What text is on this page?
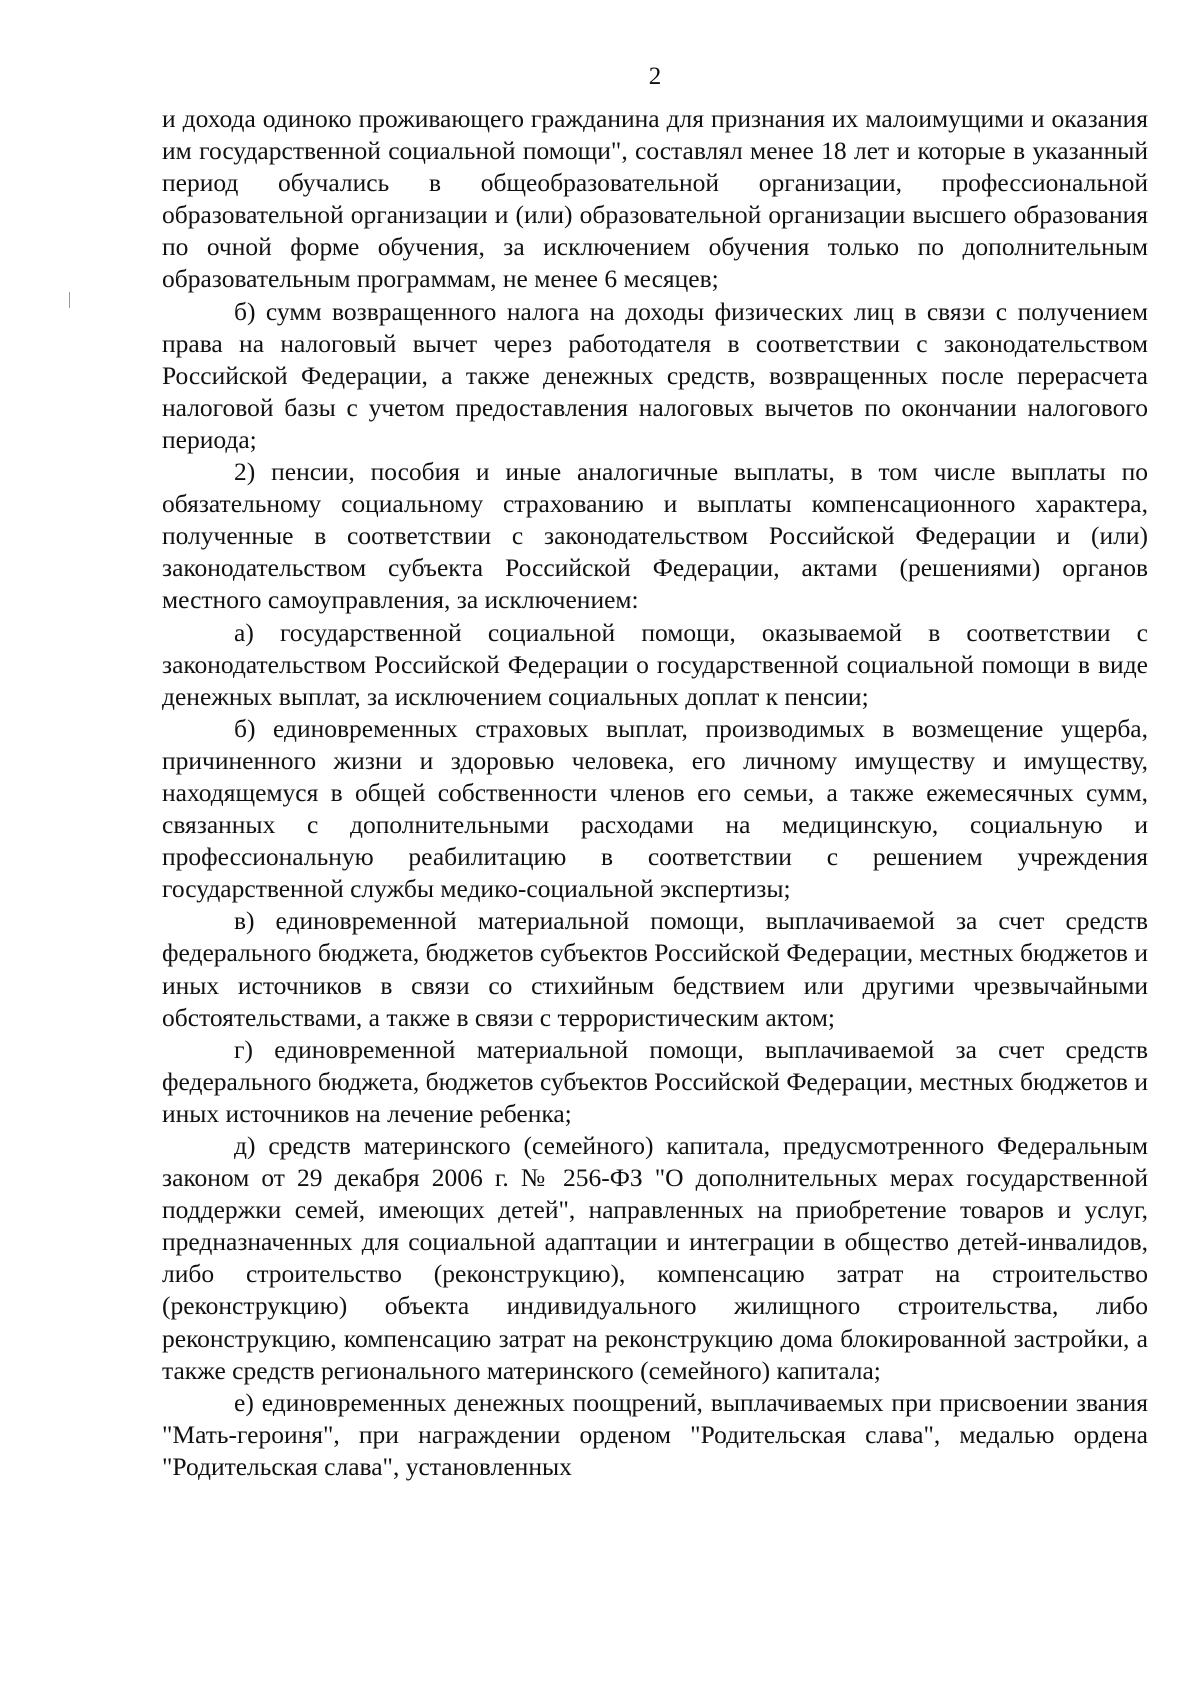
2

и дохода одиноко проживающего гражданина для признания их малоимущими и оказания им государственной социальной помощи", составлял менее 18 лет и которые в указанный период обучались в общеобразовательной организации, профессиональной образовательной организации и (или) образовательной организации высшего образования по очной форме обучения, за исключением обучения только по дополнительным образовательным программам, не менее 6 месяцев;

б) сумм возвращенного налога на доходы физических лиц в связи с получением права на налоговый вычет через работодателя в соответствии с законодательством Российской Федерации, а также денежных средств, возвращенных после перерасчета налоговой базы с учетом предоставления налоговых вычетов по окончании налогового периода;

2) пенсии, пособия и иные аналогичные выплаты, в том числе выплаты по обязательному социальному страхованию и выплаты компенсационного характера, полученные в соответствии с законодательством Российской Федерации и (или) законодательством субъекта Российской Федерации, актами (решениями) органов местного самоуправления, за исключением:

а) государственной социальной помощи, оказываемой в соответствии с законодательством Российской Федерации о государственной социальной помощи в виде денежных выплат, за исключением социальных доплат к пенсии;

б) единовременных страховых выплат, производимых в возмещение ущерба, причиненного жизни и здоровью человека, его личному имуществу и имуществу, находящемуся в общей собственности членов его семьи, а также ежемесячных сумм, связанных с дополнительными расходами на медицинскую, социальную и профессиональную реабилитацию в соответствии с решением учреждения государственной службы медико-социальной экспертизы;

в) единовременной материальной помощи, выплачиваемой за счет средств федерального бюджета, бюджетов субъектов Российской Федерации, местных бюджетов и иных источников в связи со стихийным бедствием или другими чрезвычайными обстоятельствами, а также в связи с террористическим актом;

г) единовременной материальной помощи, выплачиваемой за счет средств федерального бюджета, бюджетов субъектов Российской Федерации, местных бюджетов и иных источников на лечение ребенка;

д) средств материнского (семейного) капитала, предусмотренного Федеральным законом от 29 декабря 2006 г. № 256-ФЗ "О дополнительных мерах государственной поддержки семей, имеющих детей", направленных на приобретение товаров и услуг, предназначенных для социальной адаптации и интеграции в общество детей-инвалидов, либо строительство (реконструкцию), компенсацию затрат на строительство (реконструкцию) объекта индивидуального жилищного строительства, либо реконструкцию, компенсацию затрат на реконструкцию дома блокированной застройки, а также средств регионального материнского (семейного) капитала;

е) единовременных денежных поощрений, выплачиваемых при присвоении звания "Мать-героиня", при награждении орденом "Родительская слава", медалью ордена "Родительская слава", установленных
